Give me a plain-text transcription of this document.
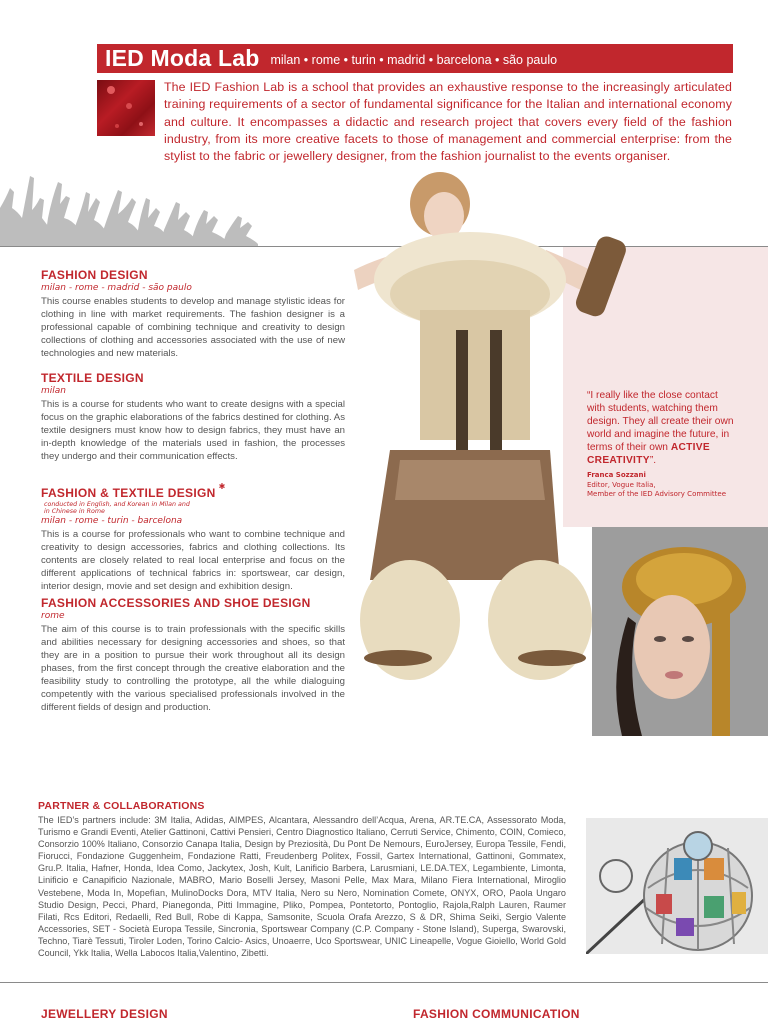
IED Moda Lab milan • rome • turin • madrid • barcelona • são paulo
The IED Fashion Lab is a school that provides an exhaustive response to the increasingly articulated training requirements of a sector of fundamental significance for the Italian and international economy and culture. It encompasses a didactic and research project that covers every field of the fashion industry, from its more creative facets to those of management and commercial enterprise: from the stylist to the fabric or jewellery designer, from the fashion journalist to the events organiser.

FASHION DESIGN

milan - rome - madrid - são paulo

This course enables students to develop and manage stylistic ideas for clothing in line with market requirements. The fashion designer is a professional capable of combining technique and creativity to design collections of clothing and accessories associated with the use of new technologies and new materials.

TEXTILE DESIGN

milan

This is a course for students who want to create designs with a special focus on the graphic elaborations of the fabrics destined for clothing. As textile designers must know how to design fabrics, they must have an in-depth knowledge of the materials used in fashion, the processes they undergo and their communication effects.

FASHION & TEXTILE DESIGN ✱conducted in English, and Korean in Milan and in Chinese in Rome

milan - rome - turin - barcelona

This is a course for professionals who want to combine technique and creativity to design accessories, fabrics and clothing collections. Its contents are closely related to real local enterprise and focus on the different applications of technical fabrics in: sportswear, car design, interior design, movie and set design and exhibition design.

FASHION ACCESSORIES AND SHOE DESIGN

rome

The aim of this course is to train professionals with the specific skills and abilities necessary for designing accessories and shoes, so that they are in a position to pursue their work throughout all its design phases, from the first concept through the creative elaboration and the feasibility study to controlling the prototype, all the while dialoguing competently with the various specialised professionals involved in the different fields of design and production.

“I really like the close contact with students, watching them design. They all create their own world and imagine the future, in terms of their own ACTIVE CREATIVITY”.
Franca Sozzani
Editor, Vogue Italia,
Member of the IED Advisory Committee
PARTNER & COLLABORATIONS
The IED’s partners include: 3M Italia, Adidas, AIMPES, Alcantara, Alessandro dell’Acqua, Arena, AR.TE.CA, Assessorato Moda, Turismo e Grandi Eventi, Atelier Gattinoni, Cattivi Pensieri, Centro Diagnostico Italiano, Cerruti Service, Chimento, COIN, Comieco, Consorzio 100% Italiano, Consorzio Canapa Italia, Design by Preziosità, Du Pont De Nemours, EuroJersey, Europa Tessile, Fendi, Fiorucci, Fondazione Guggenheim, Fondazione Ratti, Freudenberg Politex, Fossil, Gartex International, Gattinoni, Gommatex, Gru.P. Italia, Hafner, Honda, Idea Como, Jackytex, Josh, Kult, Lanificio Barbera, Larusmiani, LE.DA.TEX, Legambiente, Limonta, Linificio e Canapificio Nazionale, MABRO, Mario Boselli Jersey, Masoni Pelle, Max Mara, Milano Fiera International, Miroglio Vestebene, Moda In, Mopefìan, MulinoDocks Dora, MTV Italia, Nero su Nero, Nomination Comete, ONYX, ORO, Paola Ungaro Studio Design, Pecci, Phard, Pianegonda, Pitti Immagine, Pliko, Pompea, Pontetorto, Pontoglio, Rajola,Ralph Lauren, Raumer Filati, Rcs Editori, Redaelli, Red Bull, Robe di Kappa, Samsonite, Scuola Orafa Arezzo, S & DR, Shima Seiki, Sergio Valente Accessories, SET - Società Europa Tessile, Sincronia, Sportswear Company (C.P. Company - Stone Island), Superga, Swarovski, Techno, Tiarè Tessuti, Tiroler Loden, Torino Calcio- Asics, Unoaerre, Uco Sportswear, UNIC Lineapelle, Vogue Gioiello, World Gold Council, Ykk Italia, Wella Labocos Italia,Valentino, Zibetti.
JEWELLERY DESIGN	FASHION COMMUNICATION
